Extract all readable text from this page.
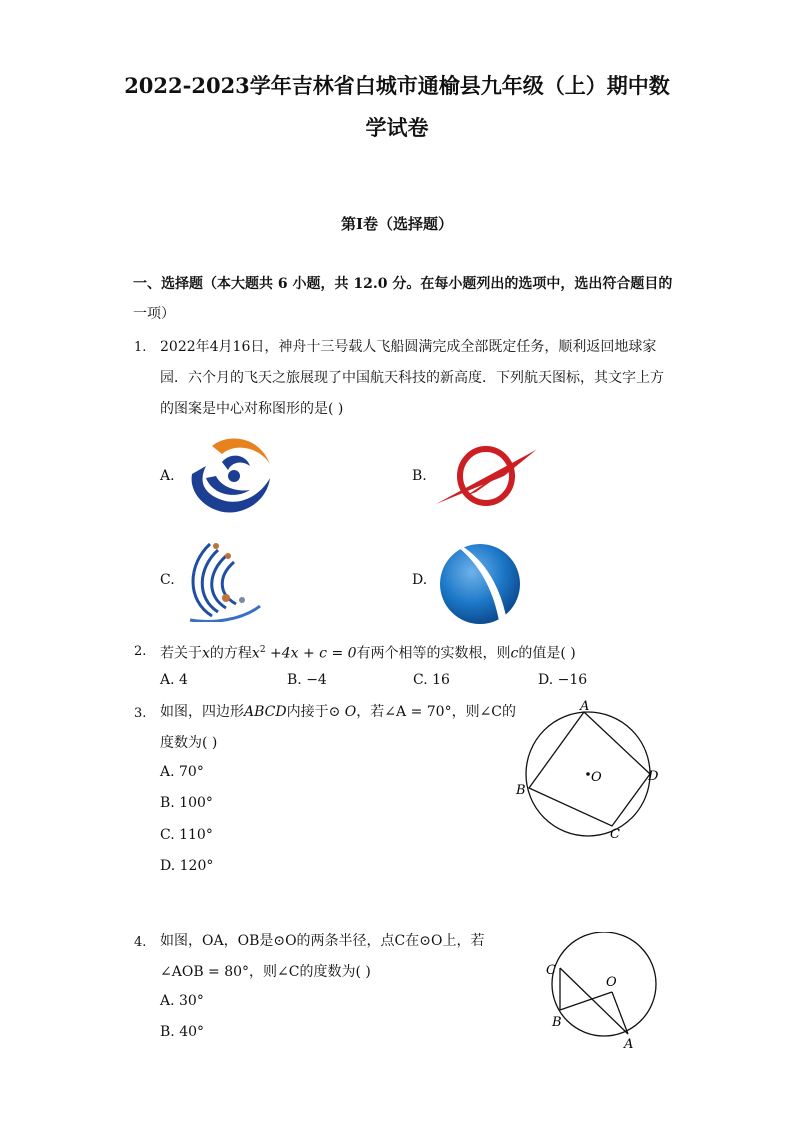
2022-2023学年吉林省白城市通榆县九年级（上）期中数
学试卷
第I卷（选择题）
一、选择题（本大题共 6 小题，共 12.0 分。在每小题列出的选项中，选出符合题目的
一项）
1. 2022年4月16日，神舟十三号载人飞船圆满完成全部既定任务，顺利返回地球家
园．六个月的飞天之旅展现了中国航天科技的新高度．下列航天图标，其文字上方
的图案是中心对称图形的是( )
A.	B.
C.	D.
2. 若关于x的方程$x^2 +4x + c = 0$有两个相等的实数根，则c的值是( )
A. 4	B. −4	C. 16	D. −16
3. 如图，四边形ABCD内接于⊙ O，若∠A = 70°，则∠C的
度数为( )
A. 70°
B. 100°
C. 110°
D. 120°
A
B
C
D
O
4. 如图，OA，OB是⊙O的两条半径，点C在⊙O上，若
∠AOB = 80°，则∠C的度数为( )
A. 30°
B. 40°
C
B
A
O
